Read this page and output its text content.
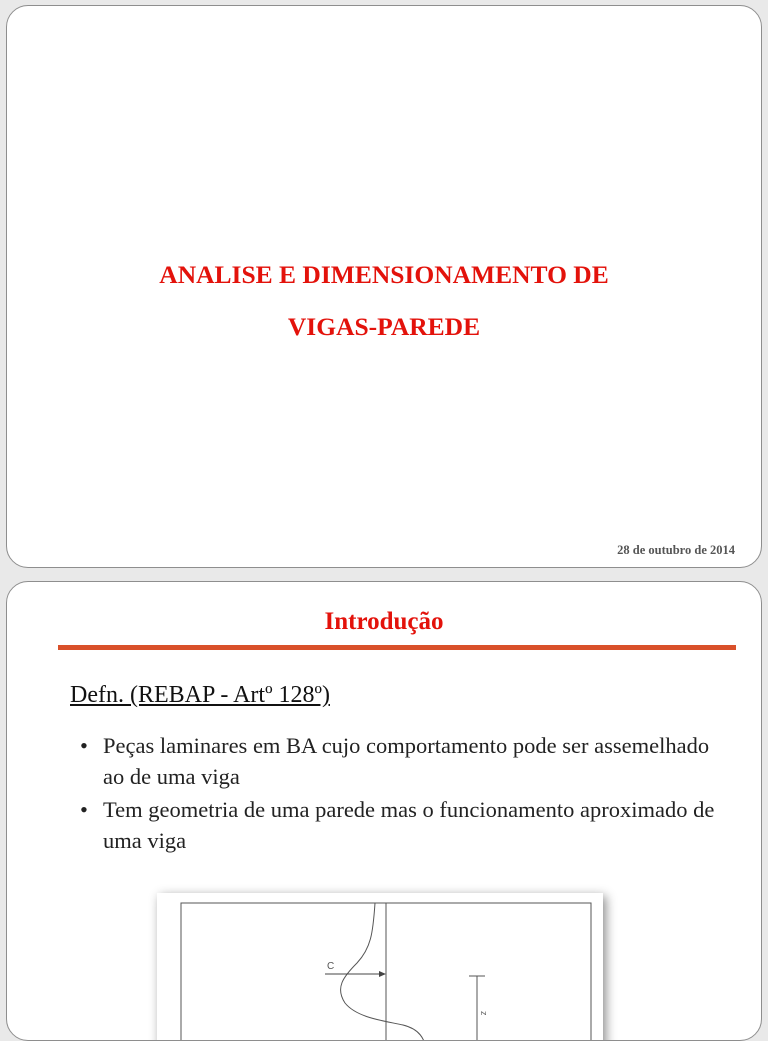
ANALISE E DIMENSIONAMENTO DE
VIGAS-PAREDE
28 de outubro de 2014
Introdução
Defn. (REBAP - Artº 128º)
• Peças laminares em BA cujo comportamento pode ser assemelhado ao de uma viga
• Tem geometria de uma parede mas o funcionamento aproximado de uma viga
C
z
